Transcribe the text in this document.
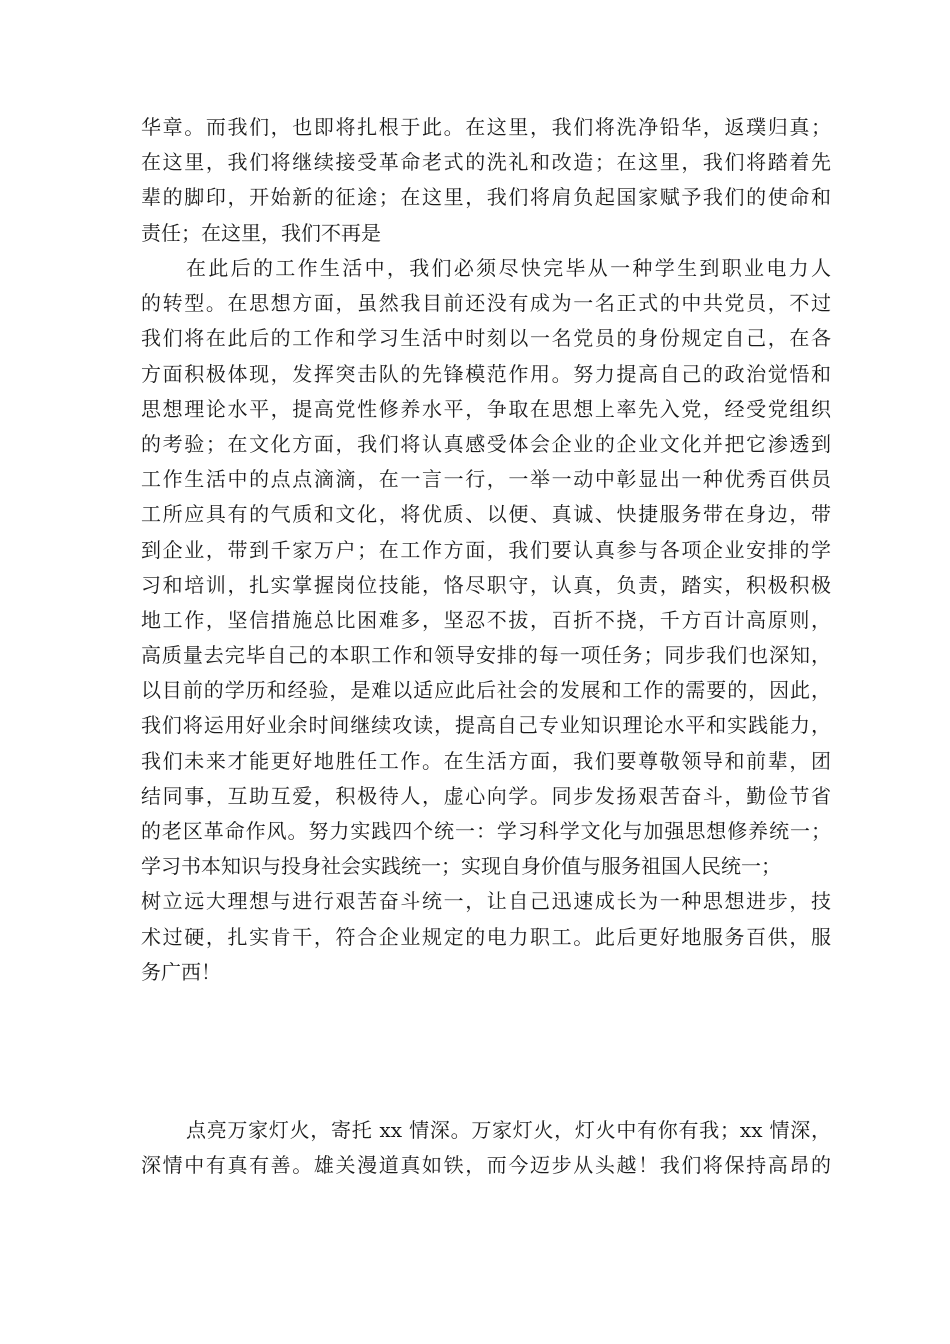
华章。而我们，也即将扎根于此。在这里，我们将洗净铅华，返璞归真；
在这里，我们将继续接受革命老式的洗礼和改造；在这里，我们将踏着先
辈的脚印，开始新的征途；在这里，我们将肩负起国家赋予我们的使命和
责任；在这里，我们不再是
在此后的工作生活中，我们必须尽快完毕从一种学生到职业电力人
的转型。在思想方面，虽然我目前还没有成为一名正式的中共党员，不过
我们将在此后的工作和学习生活中时刻以一名党员的身份规定自己，在各
方面积极体现，发挥突击队的先锋模范作用。努力提高自己的政治觉悟和
思想理论水平，提高党性修养水平，争取在思想上率先入党，经受党组织
的考验；在文化方面，我们将认真感受体会企业的企业文化并把它渗透到
工作生活中的点点滴滴，在一言一行，一举一动中彰显出一种优秀百供员
工所应具有的气质和文化，将优质、以便、真诚、快捷服务带在身边，带
到企业，带到千家万户；在工作方面，我们要认真参与各项企业安排的学
习和培训，扎实掌握岗位技能，恪尽职守，认真，负责，踏实，积极积极
地工作，坚信措施总比困难多，坚忍不拔，百折不挠，千方百计高原则，
高质量去完毕自己的本职工作和领导安排的每一项任务；同步我们也深知，
以目前的学历和经验，是难以适应此后社会的发展和工作的需要的，因此，
我们将运用好业余时间继续攻读，提高自己专业知识理论水平和实践能力，
我们未来才能更好地胜任工作。在生活方面，我们要尊敬领导和前辈，团
结同事，互助互爱，积极待人，虚心向学。同步发扬艰苦奋斗，勤俭节省
的老区革命作风。努力实践四个统一：学习科学文化与加强思想修养统一；
学习书本知识与投身社会实践统一；实现自身价值与服务祖国人民统一；
树立远大理想与进行艰苦奋斗统一，让自己迅速成长为一种思想进步，技
术过硬，扎实肯干，符合企业规定的电力职工。此后更好地服务百供，服
务广西！
点亮万家灯火，寄托 xx 情深。万家灯火，灯火中有你有我；xx 情深，
深情中有真有善。雄关漫道真如铁，而今迈步从头越！我们将保持高昂的
